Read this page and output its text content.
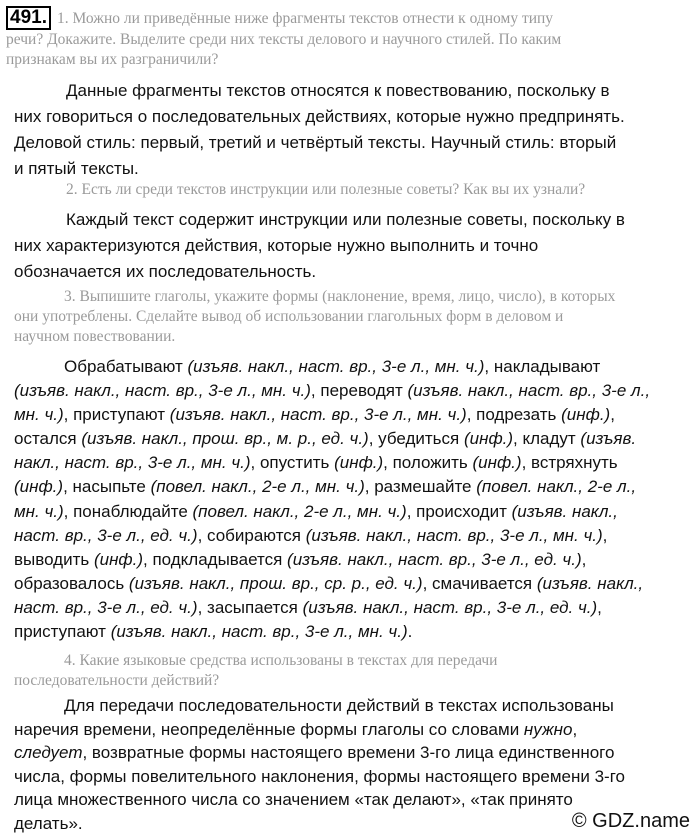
491. 1. Можно ли приведённые ниже фрагменты текстов отнести к одному типу
речи? Докажите. Выделите среди них тексты делового и научного стилей. По каким
признакам вы их разграничили?
Данные фрагменты текстов относятся к повествованию, поскольку в
них говориться о последовательных действиях, которые нужно предпринять.
Деловой стиль: первый, третий и четвёртый тексты. Научный стиль: вторый
и пятый тексты.
2. Есть ли среди текстов инструкции или полезные советы? Как вы их узнали?
Каждый текст содержит инструкции или полезные советы, поскольку в
них характеризуются действия, которые нужно выполнить и точно
обозначается их последовательность.
3. Выпишите глаголы, укажите формы (наклонение, время, лицо, число), в которых
они употреблены. Сделайте вывод об использовании глагольных форм в деловом и
научном повествовании.
Обрабатывают (изъяв. накл., наст. вр., 3-е л., мн. ч.), накладывают
(изъяв. накл., наст. вр., 3-е л., мн. ч.), переводят (изъяв. накл., наст. вр., 3-е л.,
мн. ч.), приступают (изъяв. накл., наст. вр., 3-е л., мн. ч.), подрезать (инф.),
остался (изъяв. накл., прош. вр., м. р., ед. ч.), убедиться (инф.), кладут (изъяв.
накл., наст. вр., 3-е л., мн. ч.), опустить (инф.), положить (инф.), встряхнуть
(инф.), насыпьте (повел. накл., 2-е л., мн. ч.), размешайте (повел. накл., 2-е л.,
мн. ч.), понаблюдайте (повел. накл., 2-е л., мн. ч.), происходит (изъяв. накл.,
наст. вр., 3-е л., ед. ч.), собираются (изъяв. накл., наст. вр., 3-е л., мн. ч.),
выводить (инф.), подкладывается (изъяв. накл., наст. вр., 3-е л., ед. ч.),
образовалось (изъяв. накл., прош. вр., ср. р., ед. ч.), смачивается (изъяв. накл.,
наст. вр., 3-е л., ед. ч.), засыпается (изъяв. накл., наст. вр., 3-е л., ед. ч.),
приступают (изъяв. накл., наст. вр., 3-е л., мн. ч.).
4. Какие языковые средства использованы в текстах для передачи
последовательности действий?
Для передачи последовательности действий в текстах использованы
наречия времени, неопределённые формы глаголы со словами нужно,
следует, возвратные формы настоящего времени 3-го лица единственного
числа, формы повелительного наклонения, формы настоящего времени 3-го
лица множественного числа со значением «так делают», «так принято
делать».	© GDZ.name
